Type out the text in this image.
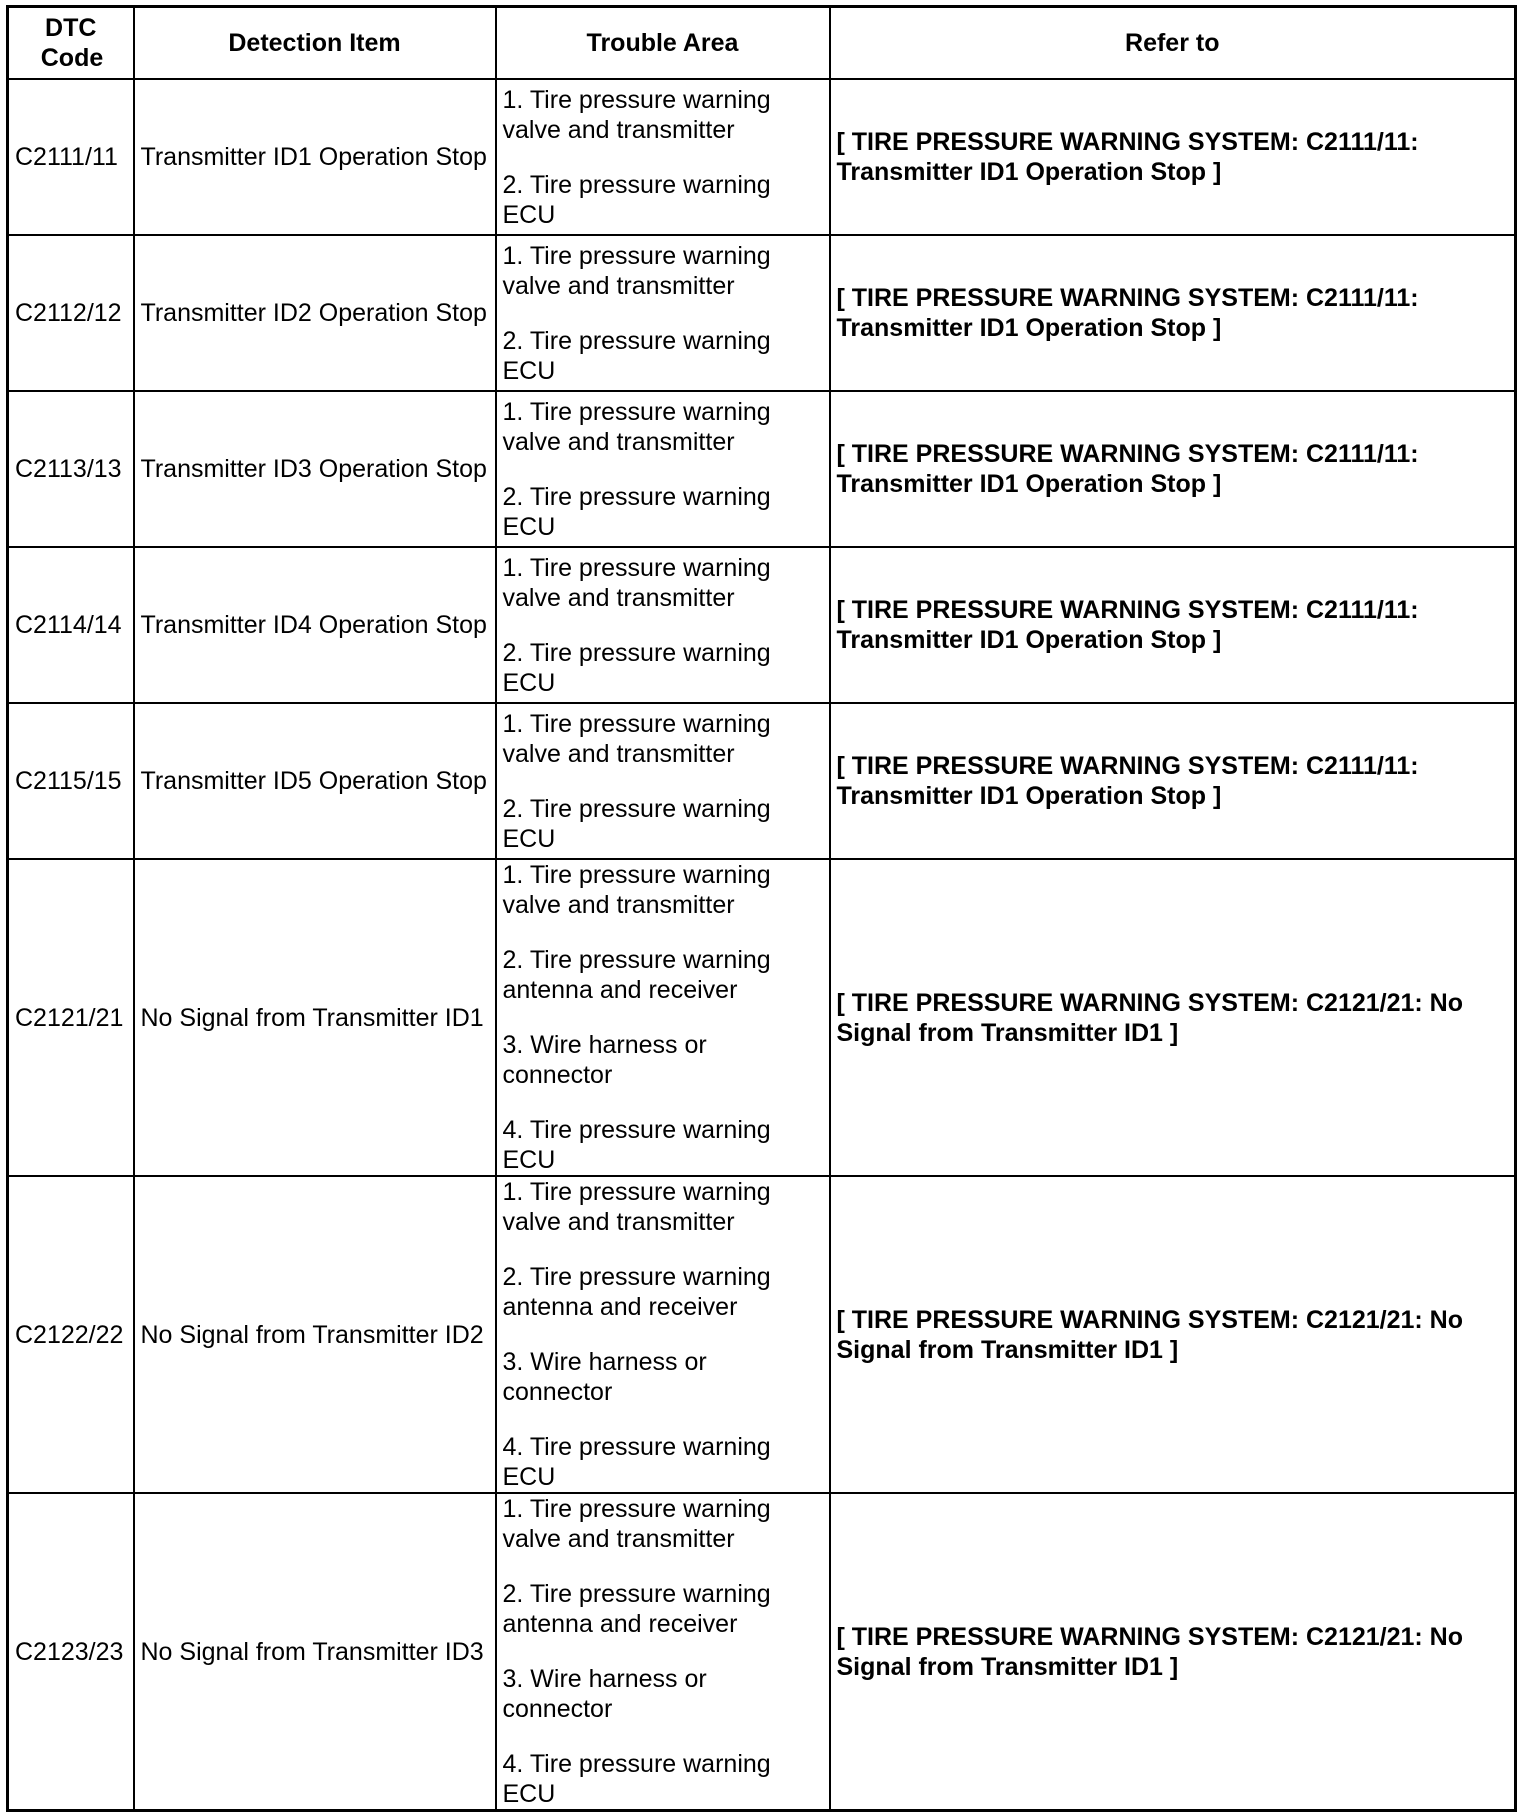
DTC Code	Detection Item	Trouble Area	Refer to
C2111/11	Transmitter ID1 Operation Stop	1. Tire pressure warning valve and transmitter
2. Tire pressure warning ECU	[ TIRE PRESSURE WARNING SYSTEM: C2111/11: Transmitter ID1 Operation Stop ]
C2112/12	Transmitter ID2 Operation Stop	1. Tire pressure warning valve and transmitter
2. Tire pressure warning ECU	[ TIRE PRESSURE WARNING SYSTEM: C2111/11: Transmitter ID1 Operation Stop ]
C2113/13	Transmitter ID3 Operation Stop	1. Tire pressure warning valve and transmitter
2. Tire pressure warning ECU	[ TIRE PRESSURE WARNING SYSTEM: C2111/11: Transmitter ID1 Operation Stop ]
C2114/14	Transmitter ID4 Operation Stop	1. Tire pressure warning valve and transmitter
2. Tire pressure warning ECU	[ TIRE PRESSURE WARNING SYSTEM: C2111/11: Transmitter ID1 Operation Stop ]
C2115/15	Transmitter ID5 Operation Stop	1. Tire pressure warning valve and transmitter
2. Tire pressure warning ECU	[ TIRE PRESSURE WARNING SYSTEM: C2111/11: Transmitter ID1 Operation Stop ]
C2121/21	No Signal from Transmitter ID1	1. Tire pressure warning valve and transmitter
2. Tire pressure warning antenna and receiver
3. Wire harness or connector
4. Tire pressure warning ECU	[ TIRE PRESSURE WARNING SYSTEM: C2121/21: No Signal from Transmitter ID1 ]
C2122/22	No Signal from Transmitter ID2	1. Tire pressure warning valve and transmitter
2. Tire pressure warning antenna and receiver
3. Wire harness or connector
4. Tire pressure warning ECU	[ TIRE PRESSURE WARNING SYSTEM: C2121/21: No Signal from Transmitter ID1 ]
C2123/23	No Signal from Transmitter ID3	1. Tire pressure warning valve and transmitter
2. Tire pressure warning antenna and receiver
3. Wire harness or connector
4. Tire pressure warning ECU	[ TIRE PRESSURE WARNING SYSTEM: C2121/21: No Signal from Transmitter ID1 ]
